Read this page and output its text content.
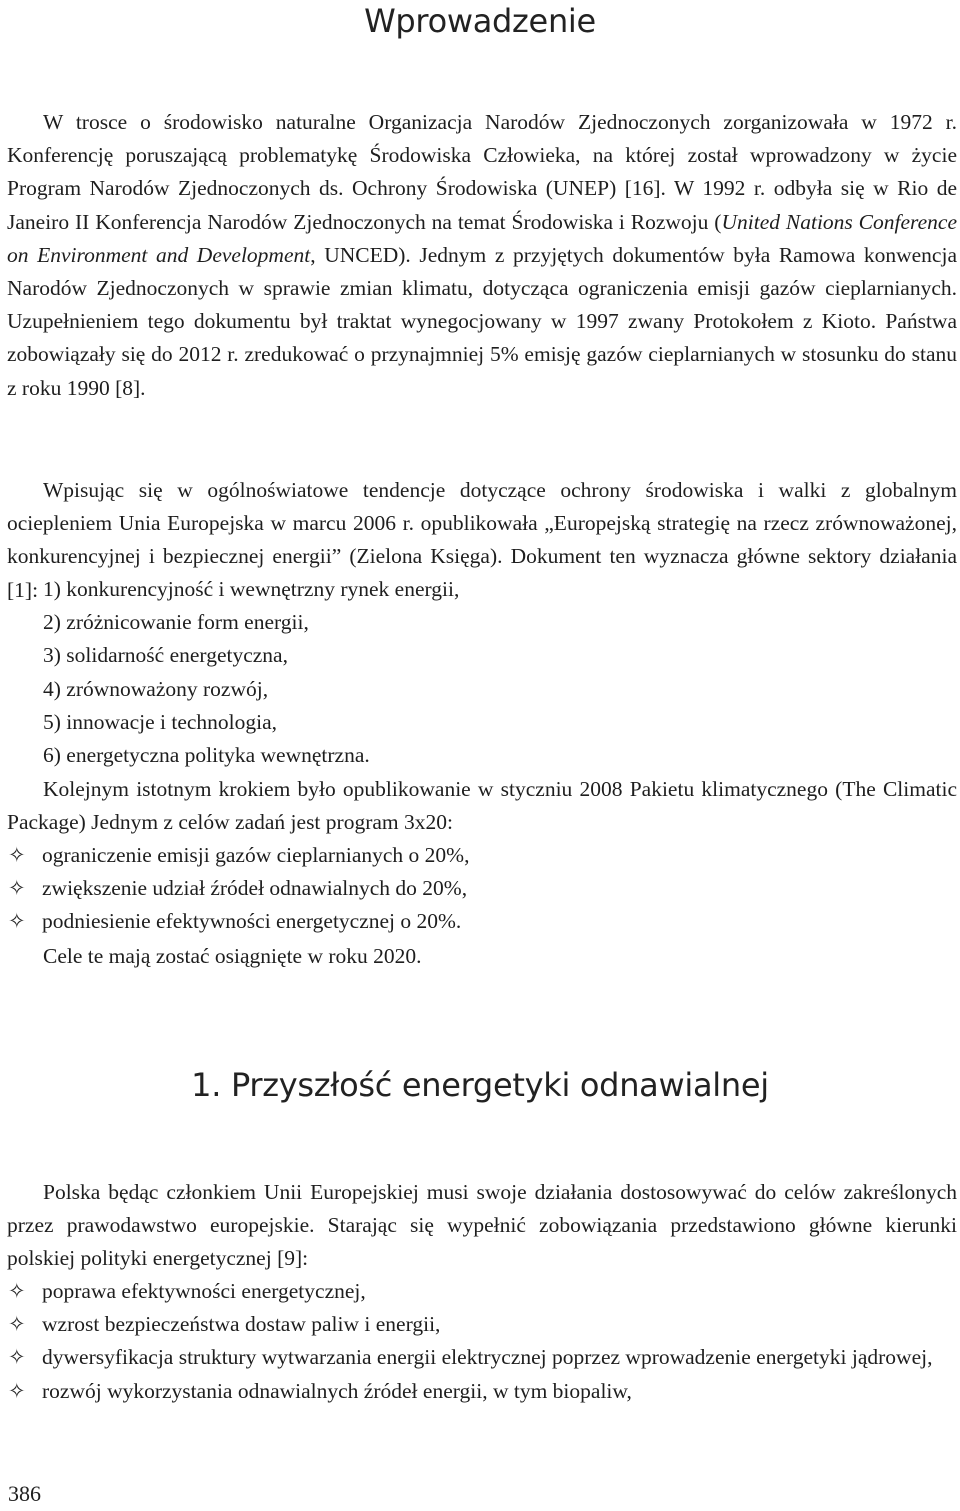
Wprowadzenie

W trosce o środowisko naturalne Organizacja Narodów Zjednoczonych zorganizowała w 1972 r. Konferencję poruszającą problematykę Środowiska Człowieka, na której został wprowadzony w życie Program Narodów Zjednoczonych ds. Ochrony Środowiska (UNEP) [16]. W 1992 r. odbyła się w Rio de Janeiro II Konferencja Narodów Zjednoczonych na temat Środowiska i Rozwoju (United Nations Conference on Environment and Development, UNCED). Jednym z przyjętych dokumentów była Ramowa konwencja Narodów Zjednoczonych w sprawie zmian klimatu, dotycząca ograniczenia emisji gazów cieplarnianych. Uzupełnieniem tego dokumentu był traktat wynegocjowany w 1997 zwany Protokołem z Kioto. Państwa zobowiązały się do 2012 r. zredukować o przynajmniej 5% emisję gazów cieplarnianych w stosunku do stanu z roku 1990 [8].

Wpisując się w ogólnoświatowe tendencje dotyczące ochrony środowiska i walki z globalnym ociepleniem Unia Europejska w marcu 2006 r. opublikowała „Europejską strategię na rzecz zrównoważonej, konkurencyjnej i bezpiecznej energii” (Zielona Księga). Dokument ten wyznacza główne sektory działania [1]: 1) konkurencyjność i wewnętrzny rynek energii,
2) zróżnicowanie form energii,
3) solidarność energetyczna,
4) zrównoważony rozwój,
5) innowacje i technologia,
6) energetyczna polityka wewnętrzna.

Kolejnym istotnym krokiem było opublikowanie w styczniu 2008 Pakietu klimatycznego (The Climatic Package) Jednym z celów zadań jest program 3x20:

✧ ograniczenie emisji gazów cieplarnianych o 20%,
✧ zwiększenie udział źródeł odnawialnych do 20%,
✧ podniesienie efektywności energetycznej o 20%.

Cele te mają zostać osiągnięte w roku 2020.

1. Przyszłość energetyki odnawialnej

Polska będąc członkiem Unii Europejskiej musi swoje działania dostosowywać do celów zakreślonych przez prawodawstwo europejskie. Starając się wypełnić zobowiązania przedstawiono główne kierunki polskiej polityki energetycznej [9]:

✧ poprawa efektywności energetycznej,
✧ wzrost bezpieczeństwa dostaw paliw i energii,
✧ dywersyfikacja struktury wytwarzania energii elektrycznej poprzez wprowadzenie energetyki jądrowej,
✧ rozwój wykorzystania odnawialnych źródeł energii, w tym biopaliw,
386
